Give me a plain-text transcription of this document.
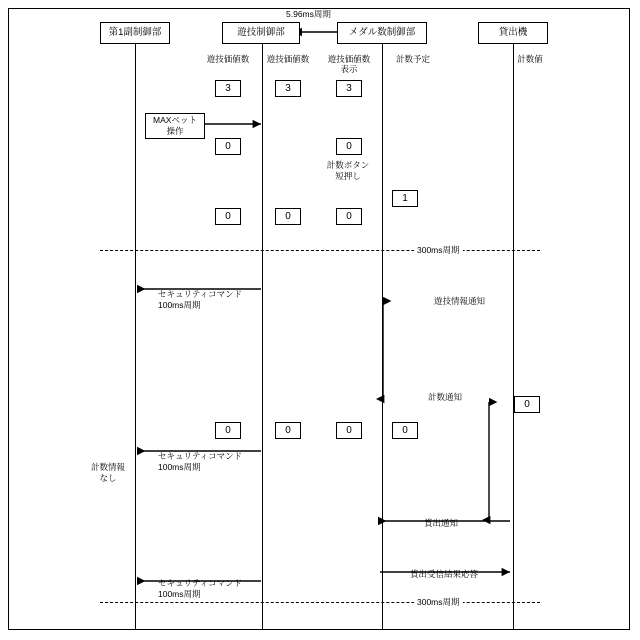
5.96ms周期
第1副制御部	遊技制御部	メダル数制御部	貸出機
遊技価値数	遊技価値数	遊技価値数
表示
計数予定	計数値
3	3	3
MAXベット
操作
0	0
計数ボタン
短押し
1
0	0	0
300ms周期
セキュリティコマンド
100ms周期	遊技情報通知
計数通知
0
0	0	0	0
セキュリティコマンド
100ms周期
計数情報
なし
貸出通知
セキュリティコマンド
100ms周期
貸出受信結果応答
300ms周期
